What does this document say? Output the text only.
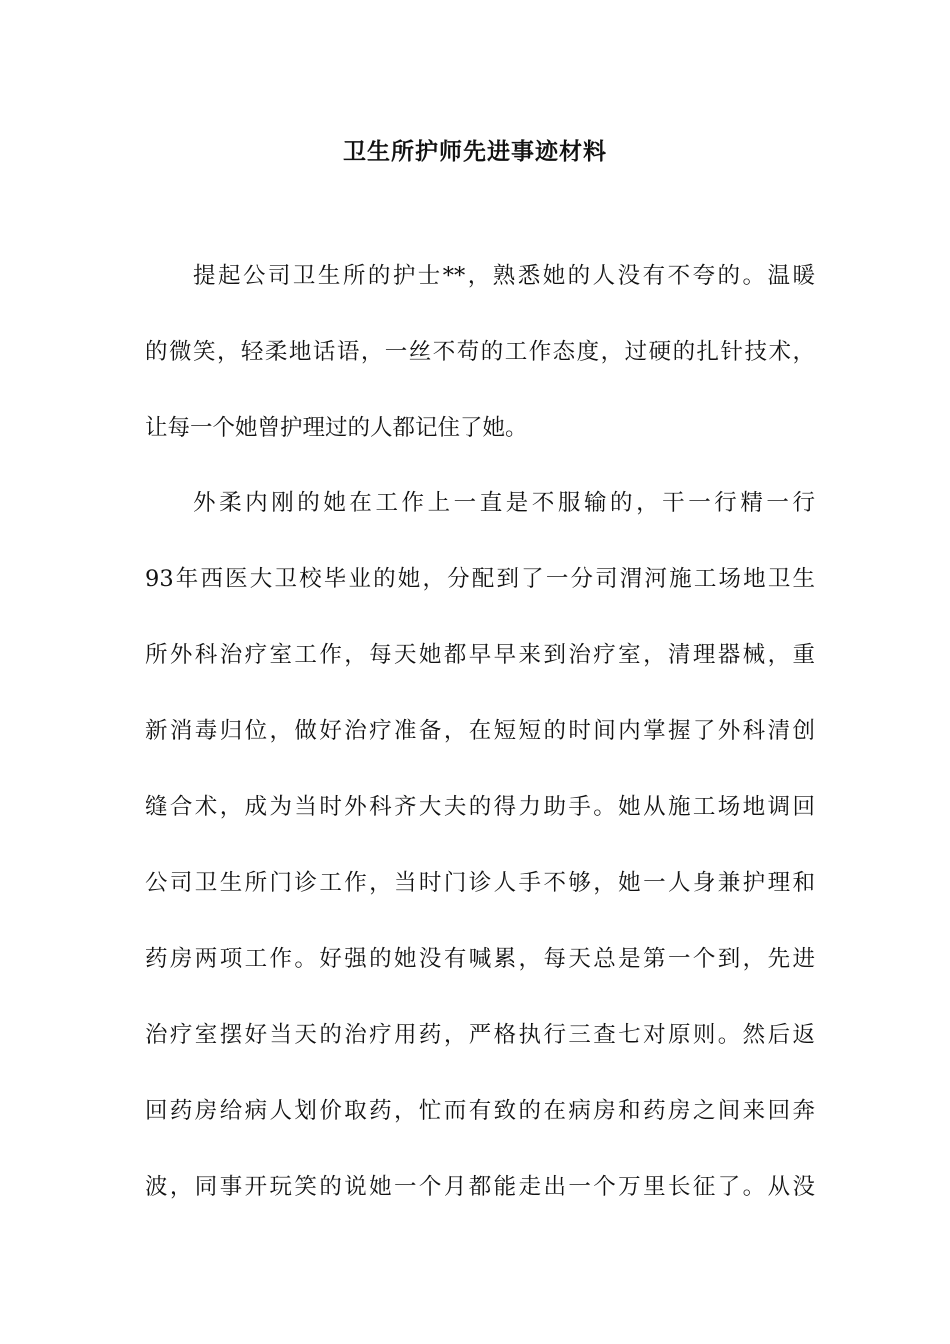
卫生所护师先进事迹材料
提起公司卫生所的护士**，熟悉她的人没有不夸的。温暖
的微笑，轻柔地话语，一丝不苟的工作态度，过硬的扎针技术，
让每一个她曾护理过的人都记住了她。
外柔内刚的她在工作上一直是不服输的，干一行精一行
93年西医大卫校毕业的她，分配到了一分司渭河施工场地卫生
所外科治疗室工作，每天她都早早来到治疗室，清理器械，重
新消毒归位，做好治疗准备，在短短的时间内掌握了外科清创
缝合术，成为当时外科齐大夫的得力助手。她从施工场地调回
公司卫生所门诊工作，当时门诊人手不够，她一人身兼护理和
药房两项工作。好强的她没有喊累，每天总是第一个到，先进
治疗室摆好当天的治疗用药，严格执行三查七对原则。然后返
回药房给病人划价取药，忙而有致的在病房和药房之间来回奔
波，同事开玩笑的说她一个月都能走出一个万里长征了。从没
